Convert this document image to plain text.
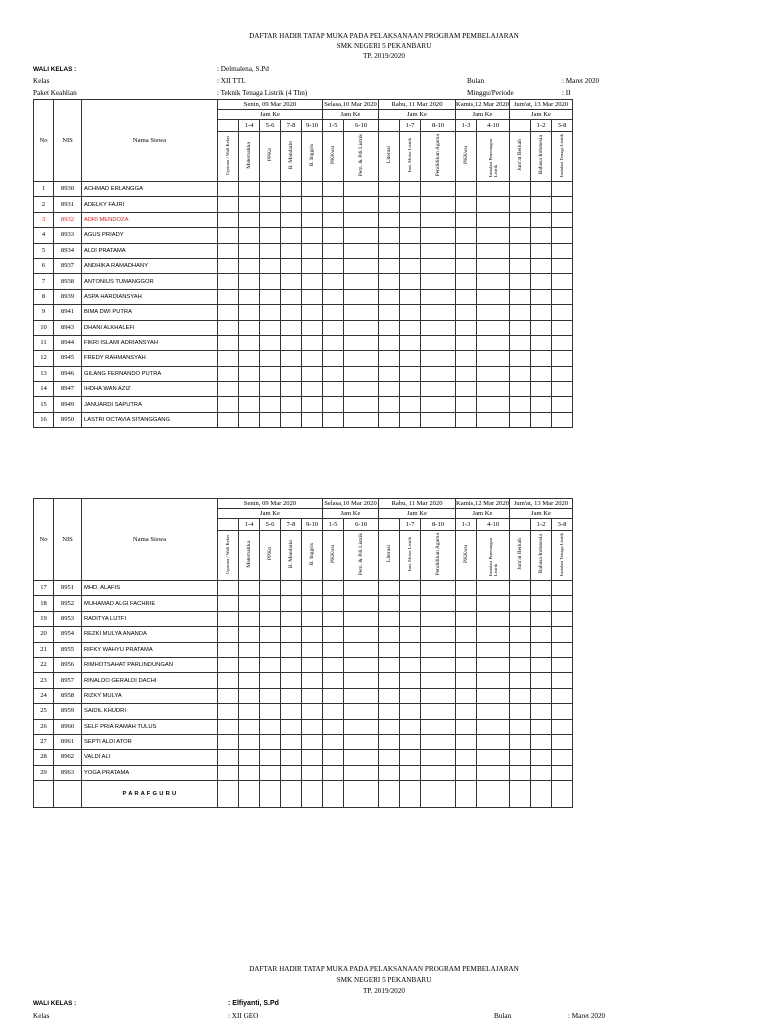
DAFTAR HADIR TATAP MUKA PADA PELAKSANAAN PROGRAM PEMBELAJARAN
SMK NEGERI 5 PEKANBARU
TP. 2019/2020
WALI KELAS :	: Delmalena, S.Pd
Kelas	: XII TTL	Bulan	: Maret 2020
Paket Keahlian	: Teknik Tenaga Listrik (4 Thn)	Minggu/Periode	: II
No	NIS	Nama Siswa	Senin, 09 Mar 2020					Selasa,10 Mar 2020		Rabu, 11 Mar 2020			Kamis,12 Mar 2020		Jum'at, 13 Mar 2020		
			Jam Ke					Jam Ke		Jam Ke			Jam Ke		Jam Ke		
				1-4	5-6	7-8	9-10	1-5	6-10		1-7	8-10	1-3	4-10		1-2	3-8
			Upacara / Wali Kelas	Matematika	PPKn	B. Mandarin	B. Inggris	PKKwu	Pem. & Pdi Listrik	Literasi	Inst. Motor Listrik	Pendidikan Agama	PKKwu	Instalasi Penerangan Listrik	Jum'at Berkah	Bahasa Indonesia	Instalasi Tenaga Listrik
1	8930	ACHMAD ERLANGGA															
2	8931	ADELKY FAJRI															
3	8932	ADRI MENDOZA															
4	8933	AGUS PRIADY															
5	8934	ALDI PRATAMA															
6	8937	ANDHIKA RAMADHANY															
7	8938	ANTONIUS TUMANGGOR															
8	8939	ASPA HARDIANSYAH															
9	8941	BIMA DWI PUTRA															
10	8943	DHANI ALKHALEFI															
11	8944	FIKRI ISLAMI ADRIANSYAH															
12	8945	FREDY RAHMANSYAH															
13	8946	GILANG FERNANDO PUTRA															
14	8947	IHDHA WAN AZIZ															
15	8949	JANUARDI SAPUTRA															
16	8950	LASTRI OCTAVIA SITANGGANG															
No	NIS	Nama Siswa	Senin, 09 Mar 2020					Selasa,10 Mar 2020		Rabu, 11 Mar 2020			Kamis,12 Mar 2020		Jum'at, 13 Mar 2020		
			Jam Ke					Jam Ke		Jam Ke			Jam Ke		Jam Ke		
				1-4	5-6	7-8	9-10	1-5	6-10		1-7	8-10	1-3	4-10		1-2	3-8
			Upacara / Wali Kelas	Matematika	PPKn	B. Mandarin	B. Inggris	PKKwu	Pem. & Pdi Listrik	Literasi	Inst. Motor Listrik	Pendidikan Agama	PKKwu	Instalasi Penerangan Listrik	Jum'at Berkah	Bahasa Indonesia	Instalasi Tenaga Listrik
17	8951	MHD. ALAFIS															
18	8952	MUHAMAD ALGI FACHRIE															
19	8953	RADITYA LUTFI															
20	8954	REZKI MULYA ANANDA															
21	8955	RIFKY WAHYU PRATAMA															
22	8956	RIMHOTSAHAT PARLINDUNGAN															
23	8957	RINALDO GERALDI DACHI															
24	8958	RIZKY MULYA															
25	8959	SAIDIL KHUDRI															
26	8960	SELF PRIA RAMAH TULUS															
27	8961	SEPTI ALDI ATOR															
28	8962	VALDI ALI															
29	8963	YOGA PRATAMA															
		P A R A F G U R U															
DAFTAR HADIR TATAP MUKA PADA PELAKSANAAN PROGRAM PEMBELAJARAN
SMK NEGERI 5 PEKANBARU
TP. 2019/2020
WALI KELAS :	: Elfiyanti, S.Pd
Kelas	: XII GEO	Bulan	: Maret 2020
